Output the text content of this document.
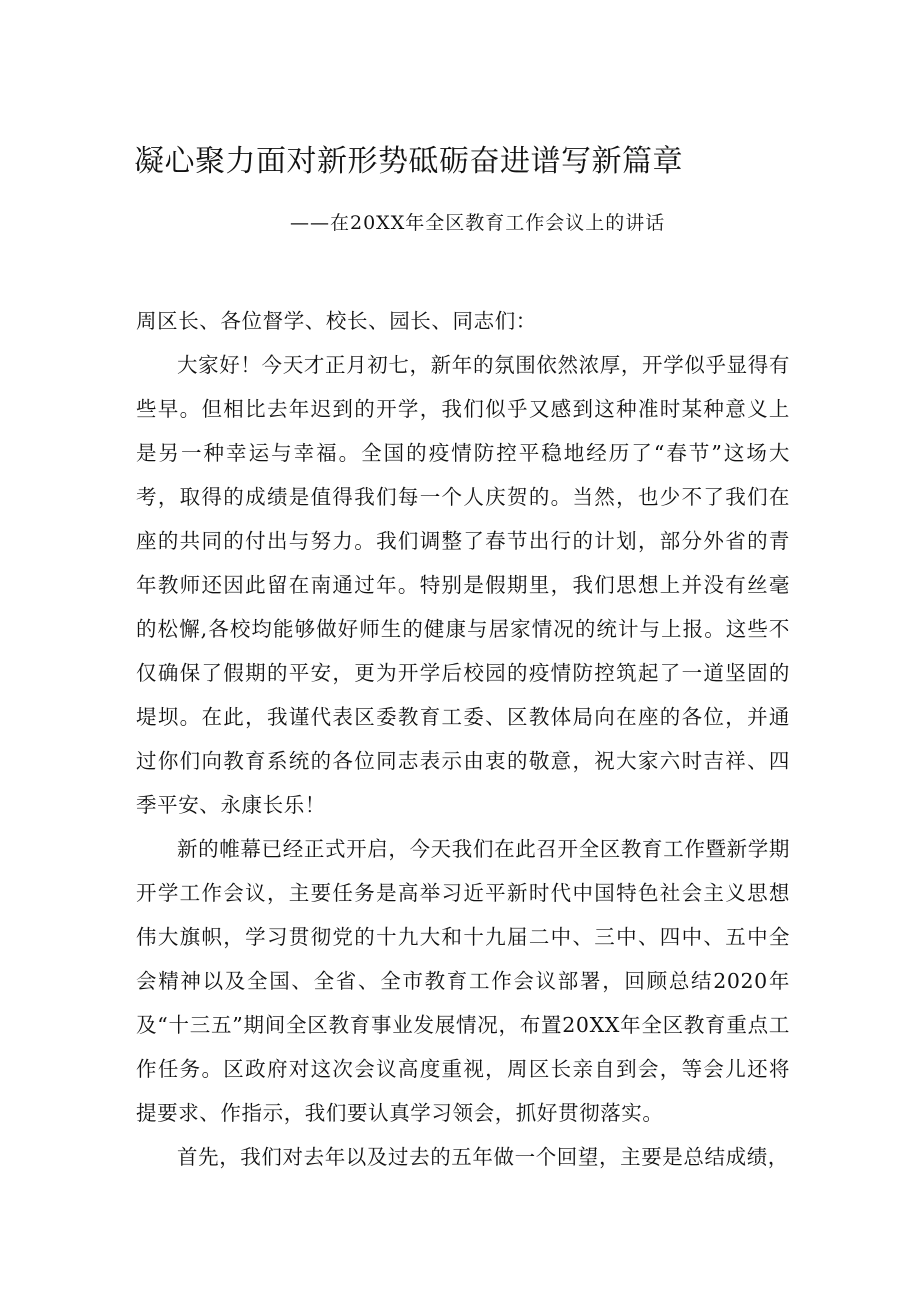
凝心聚力面对新形势砥砺奋进谱写新篇章
——在20XX年全区教育工作会议上的讲话

周区长、各位督学、校长、园长、同志们：

大家好！今天才正月初七，新年的氛围依然浓厚，开学似乎显得有些早。但相比去年迟到的开学，我们似乎又感到这种准时某种意义上是另一种幸运与幸福。全国的疫情防控平稳地经历了“春节”这场大考，取得的成绩是值得我们每一个人庆贺的。当然，也少不了我们在座的共同的付出与努力。我们调整了春节出行的计划，部分外省的青年教师还因此留在南通过年。特别是假期里，我们思想上并没有丝毫的松懈,各校均能够做好师生的健康与居家情况的统计与上报。这些不仅确保了假期的平安，更为开学后校园的疫情防控筑起了一道坚固的堤坝。在此，我谨代表区委教育工委、区教体局向在座的各位，并通过你们向教育系统的各位同志表示由衷的敬意，祝大家六时吉祥、四季平安、永康长乐！

新的帷幕已经正式开启，今天我们在此召开全区教育工作暨新学期开学工作会议，主要任务是高举习近平新时代中国特色社会主义思想伟大旗帜，学习贯彻党的十九大和十九届二中、三中、四中、五中全会精神以及全国、全省、全市教育工作会议部署，回顾总结2020年及“十三五”期间全区教育事业发展情况，布置20XX年全区教育重点工作任务。区政府对这次会议高度重视，周区长亲自到会，等会儿还将提要求、作指示，我们要认真学习领会，抓好贯彻落实。

首先，我们对去年以及过去的五年做一个回望，主要是总结成绩，
